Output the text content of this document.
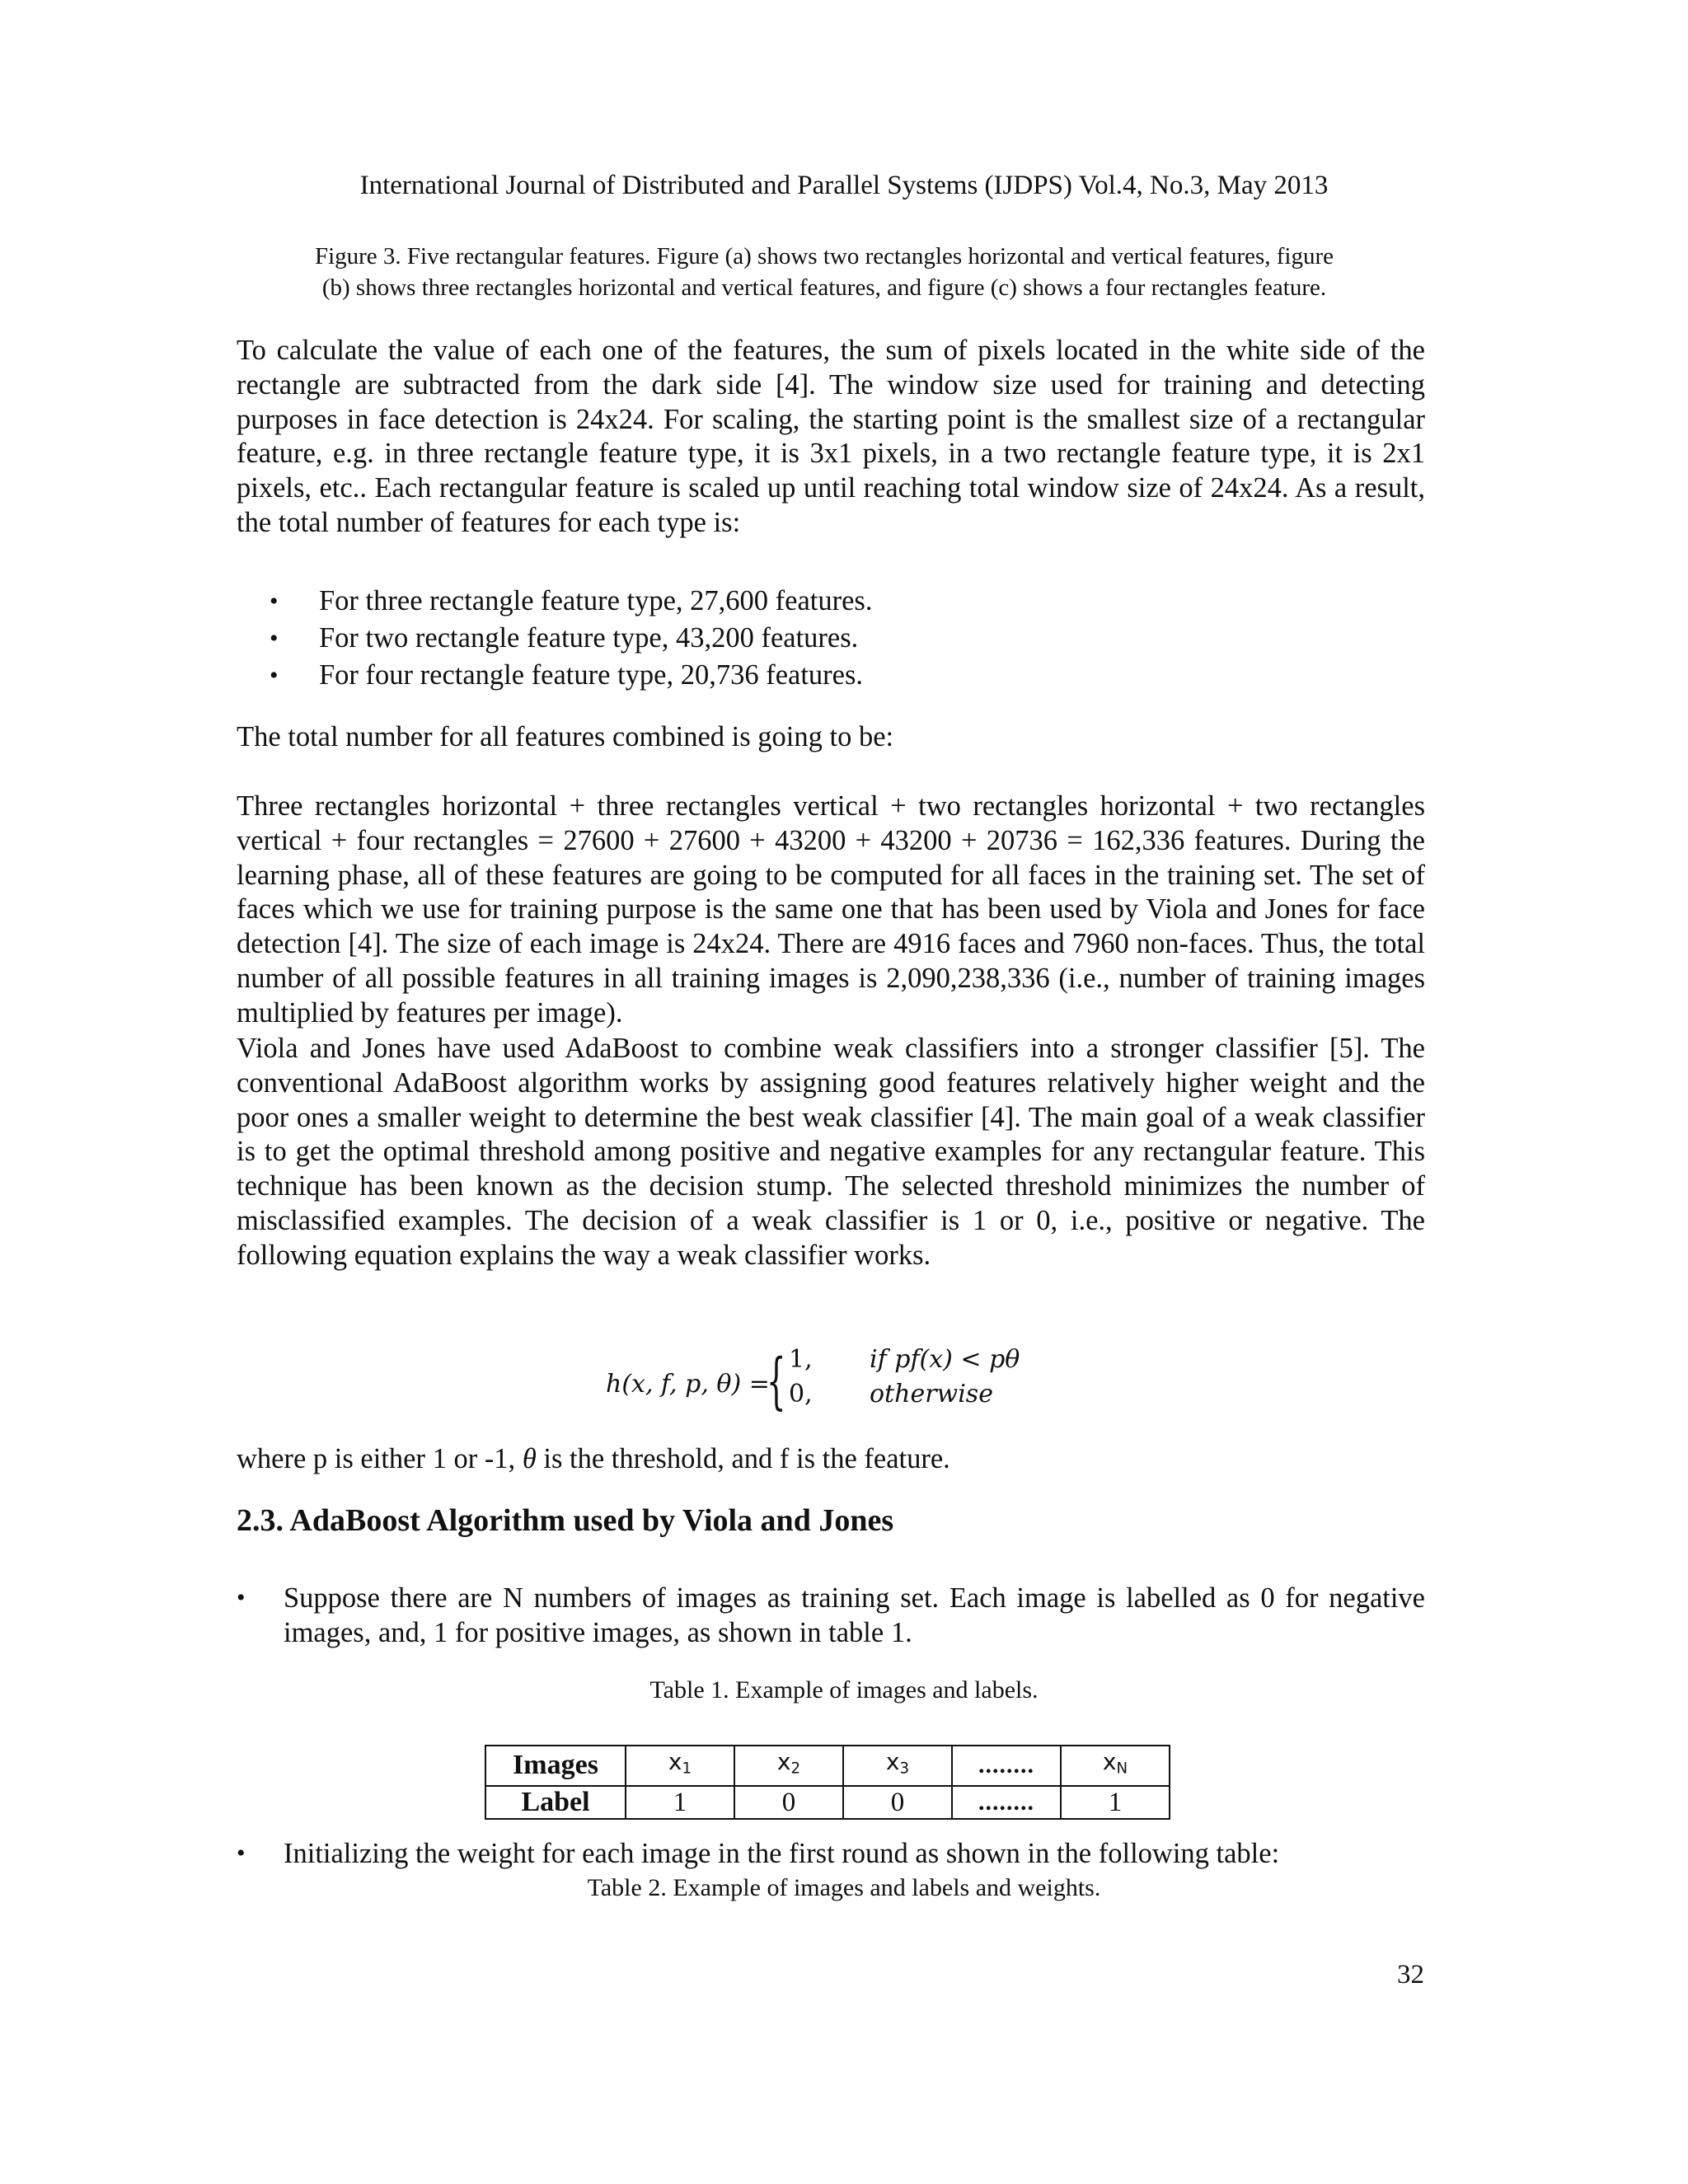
International Journal of Distributed and Parallel Systems (IJDPS) Vol.4, No.3, May 2013
Figure 3. Five rectangular features. Figure (a) shows two rectangles horizontal and vertical features, figure
(b) shows three rectangles horizontal and vertical features, and figure (c) shows a four rectangles feature.

To calculate the value of each one of the features, the sum of pixels located in the white side of the rectangle are subtracted from the dark side [4]. The window size used for training and detecting purposes in face detection is 24x24. For scaling, the starting point is the smallest size of a rectangular feature, e.g. in three rectangle feature type, it is 3x1 pixels, in a two rectangle feature type, it is 2x1 pixels, etc.. Each rectangular feature is scaled up until reaching total window size of 24x24. As a result, the total number of features for each type is:

• For three rectangle feature type, 27,600 features.
• For two rectangle feature type, 43,200 features.
• For four rectangle feature type, 20,736 features.

The total number for all features combined is going to be:

Three rectangles horizontal + three rectangles vertical + two rectangles horizontal + two rectangles vertical + four rectangles = 27600 + 27600 + 43200 + 43200 + 20736 = 162,336 features. During the learning phase, all of these features are going to be computed for all faces in the training set. The set of faces which we use for training purpose is the same one that has been used by Viola and Jones for face detection [4]. The size of each image is 24x24. There are 4916 faces and 7960 non-faces. Thus, the total number of all possible features in all training images is 2,090,238,336 (i.e., number of training images multiplied by features per image).

Viola and Jones have used AdaBoost to combine weak classifiers into a stronger classifier [5]. The conventional AdaBoost algorithm works by assigning good features relatively higher weight and the poor ones a smaller weight to determine the best weak classifier [4]. The main goal of a weak classifier is to get the optimal threshold among positive and negative examples for any rectangular feature. This technique has been known as the decision stump. The selected threshold minimizes the number of misclassified examples. The decision of a weak classifier is 1 or 0, i.e., positive or negative. The following equation explains the way a weak classifier works.

h(x, f, p, θ) =
{ 1, if pf(x) < pθ
0, otherwise

where p is either 1 or -1, θ is the threshold, and f is the feature.

2.3. AdaBoost Algorithm used by Viola and Jones
• Suppose there are N numbers of images as training set. Each image is labelled as 0 for negative images, and, 1 for positive images, as shown in table 1.
Table 1. Example of images and labels.
Images	$x_1$	$x_2$	$x_3$	........	$x_N$
Label	1	0	0	........	1
• Initializing the weight for each image in the first round as shown in the following table:
Table 2. Example of images and labels and weights.
32
